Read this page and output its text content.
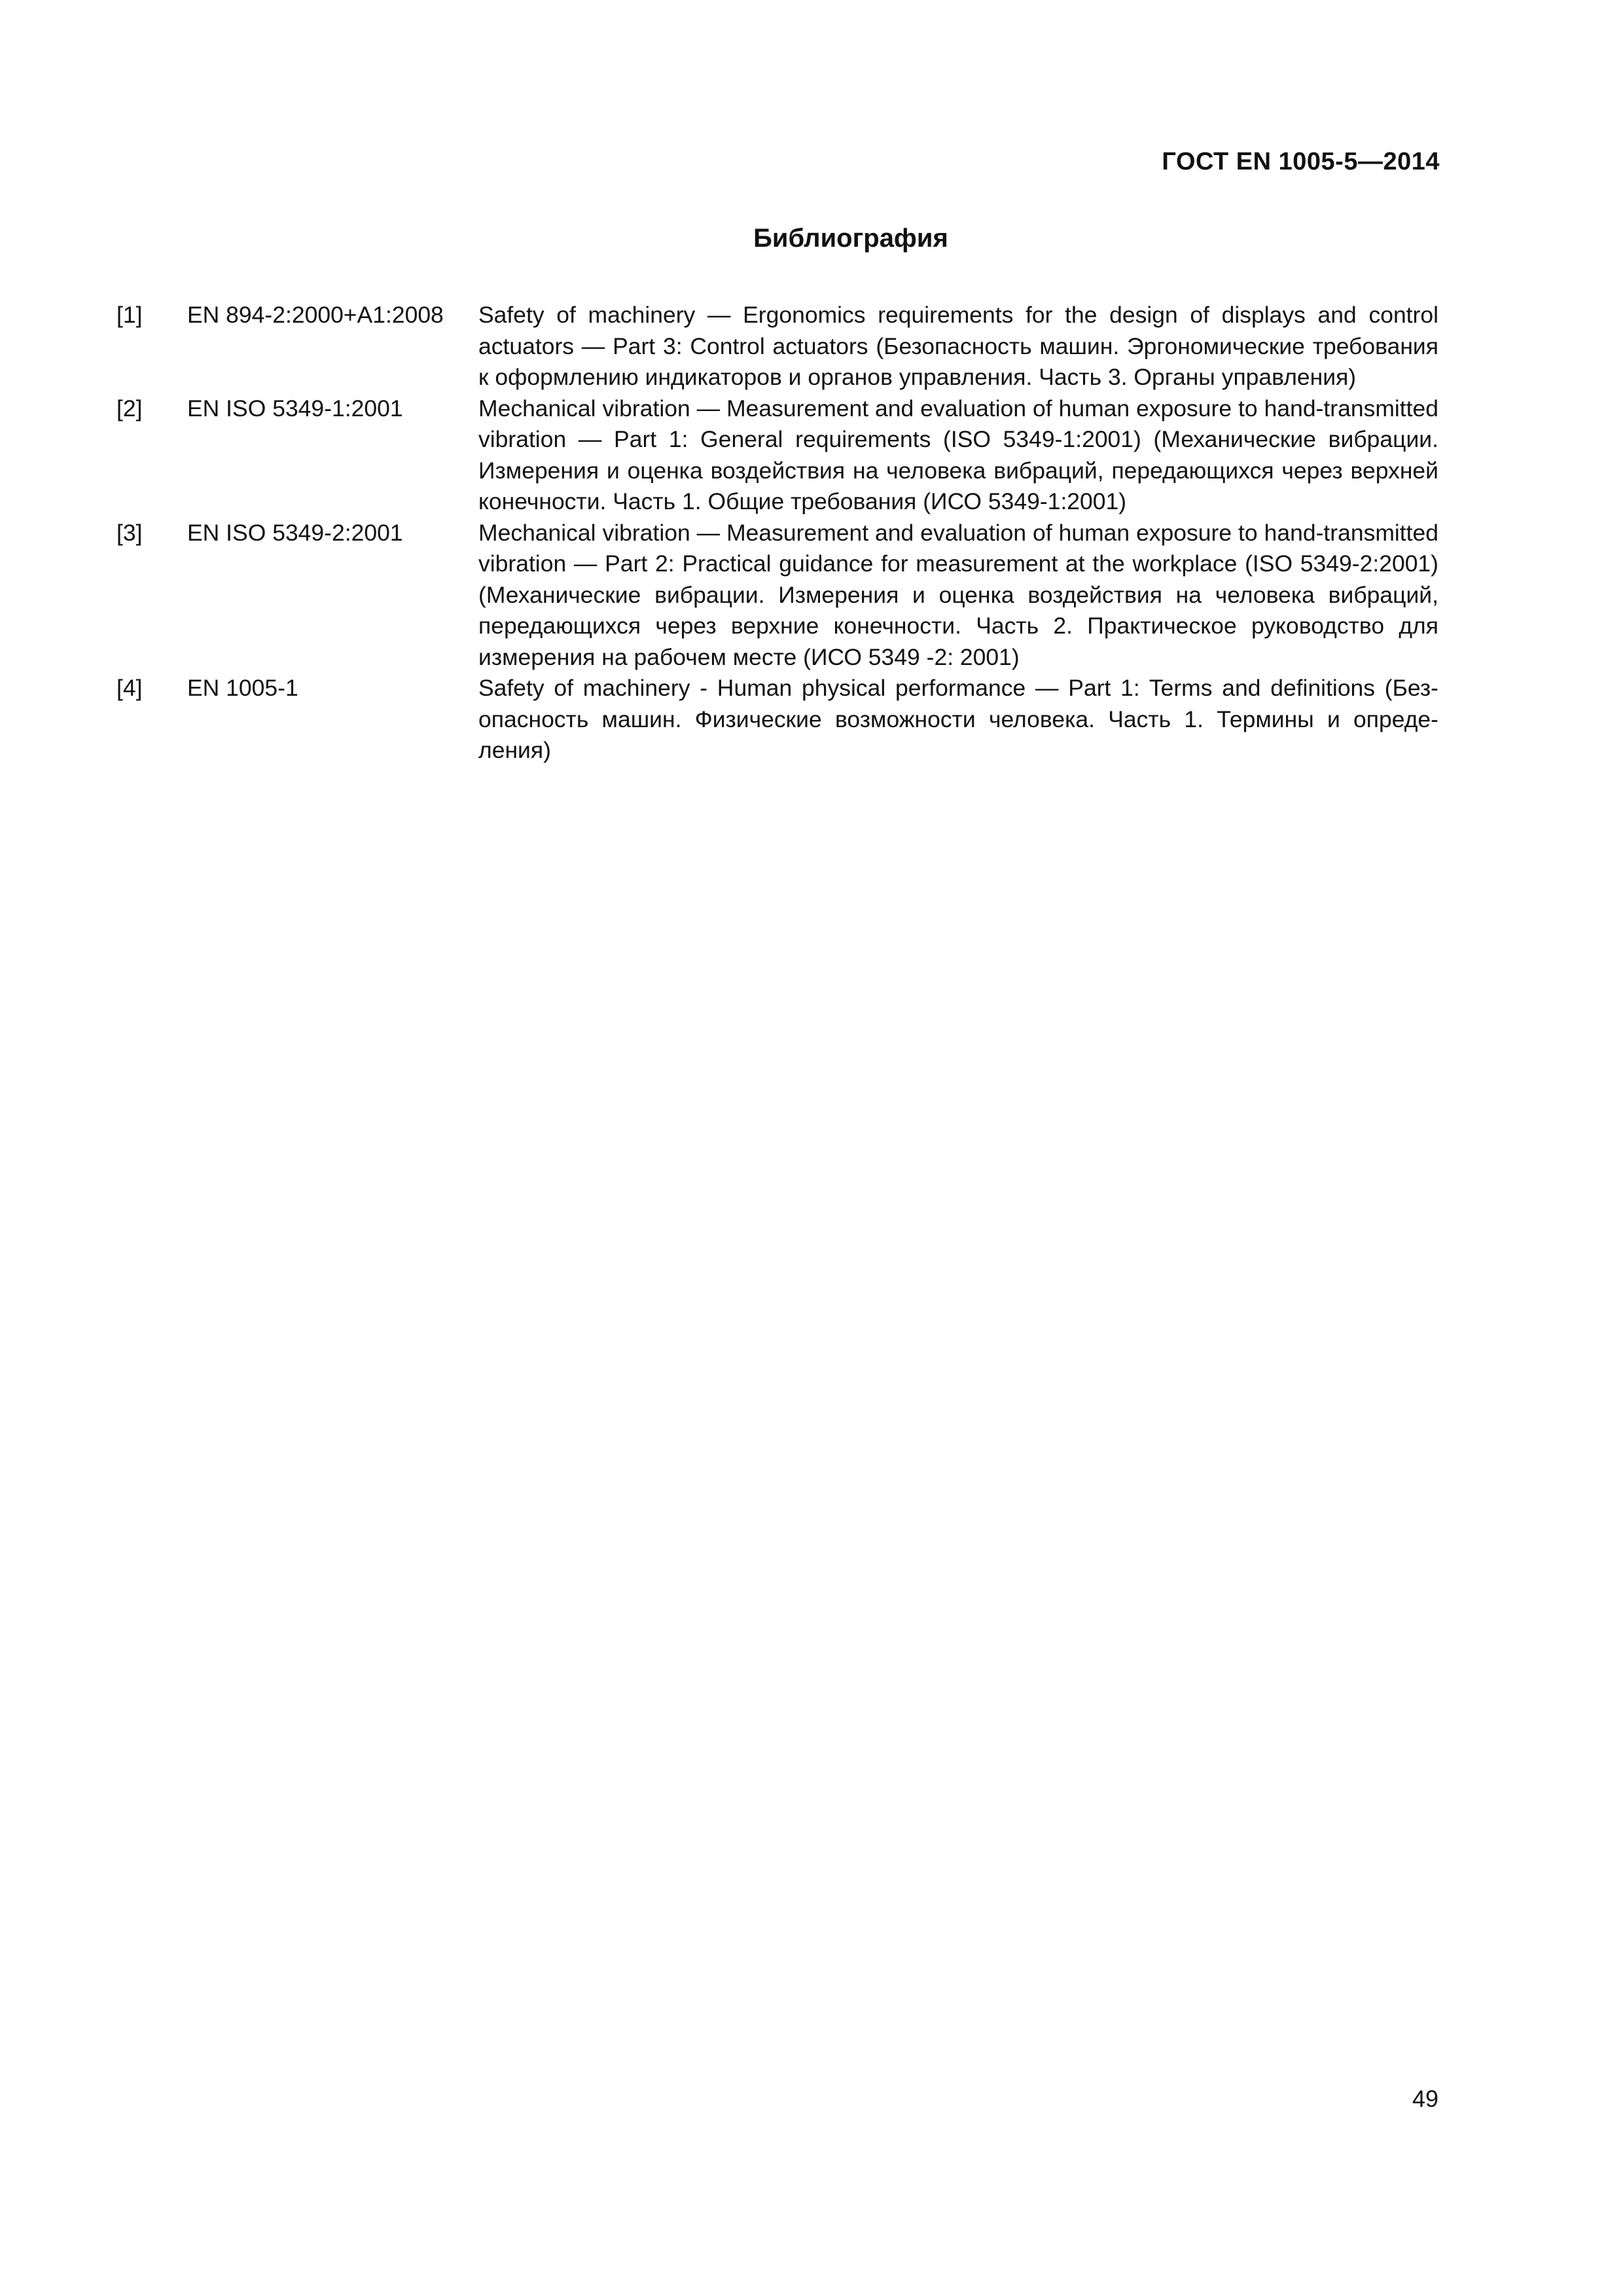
ГОСТ EN 1005-5—2014
Библиография
[1]	EN 894-2:2000+A1:2008	Safety of machinery — Ergonomics requirements for the design of displays and control actuators — Part 3: Control actuators (Безопасность машин. Эргономические требования к оформлению индикаторов и органов управления. Часть 3. Органы управления)
[2]	EN ISO 5349-1:2001	Mechanical vibration — Measurement and evaluation of human exposure to hand-transmitted vibration — Part 1: General requirements (ISO 5349-1:2001) (Механические вибрации. Измерения и оценка воздействия на человека вибраций, передающихся через верхней конечности. Часть 1. Общие требования (ИСО 5349-1:2001)
[3]	EN ISO 5349-2:2001	Mechanical vibration — Measurement and evaluation of human exposure to hand-transmitted vibration — Part 2: Practical guidance for measurement at the workplace (ISO 5349-2:2001) (Механические вибрации. Измерения и оценка воздействия на человека вибраций, передающихся через верхние конечности. Часть 2. Практическое руководство для измерения на рабочем месте (ИСО 5349 -2: 2001)
[4]	EN 1005-1	Safety of machinery - Human physical performance — Part 1: Terms and definitions (Безопасность машин. Физические возможности человека. Часть 1. Термины и определения)
49
